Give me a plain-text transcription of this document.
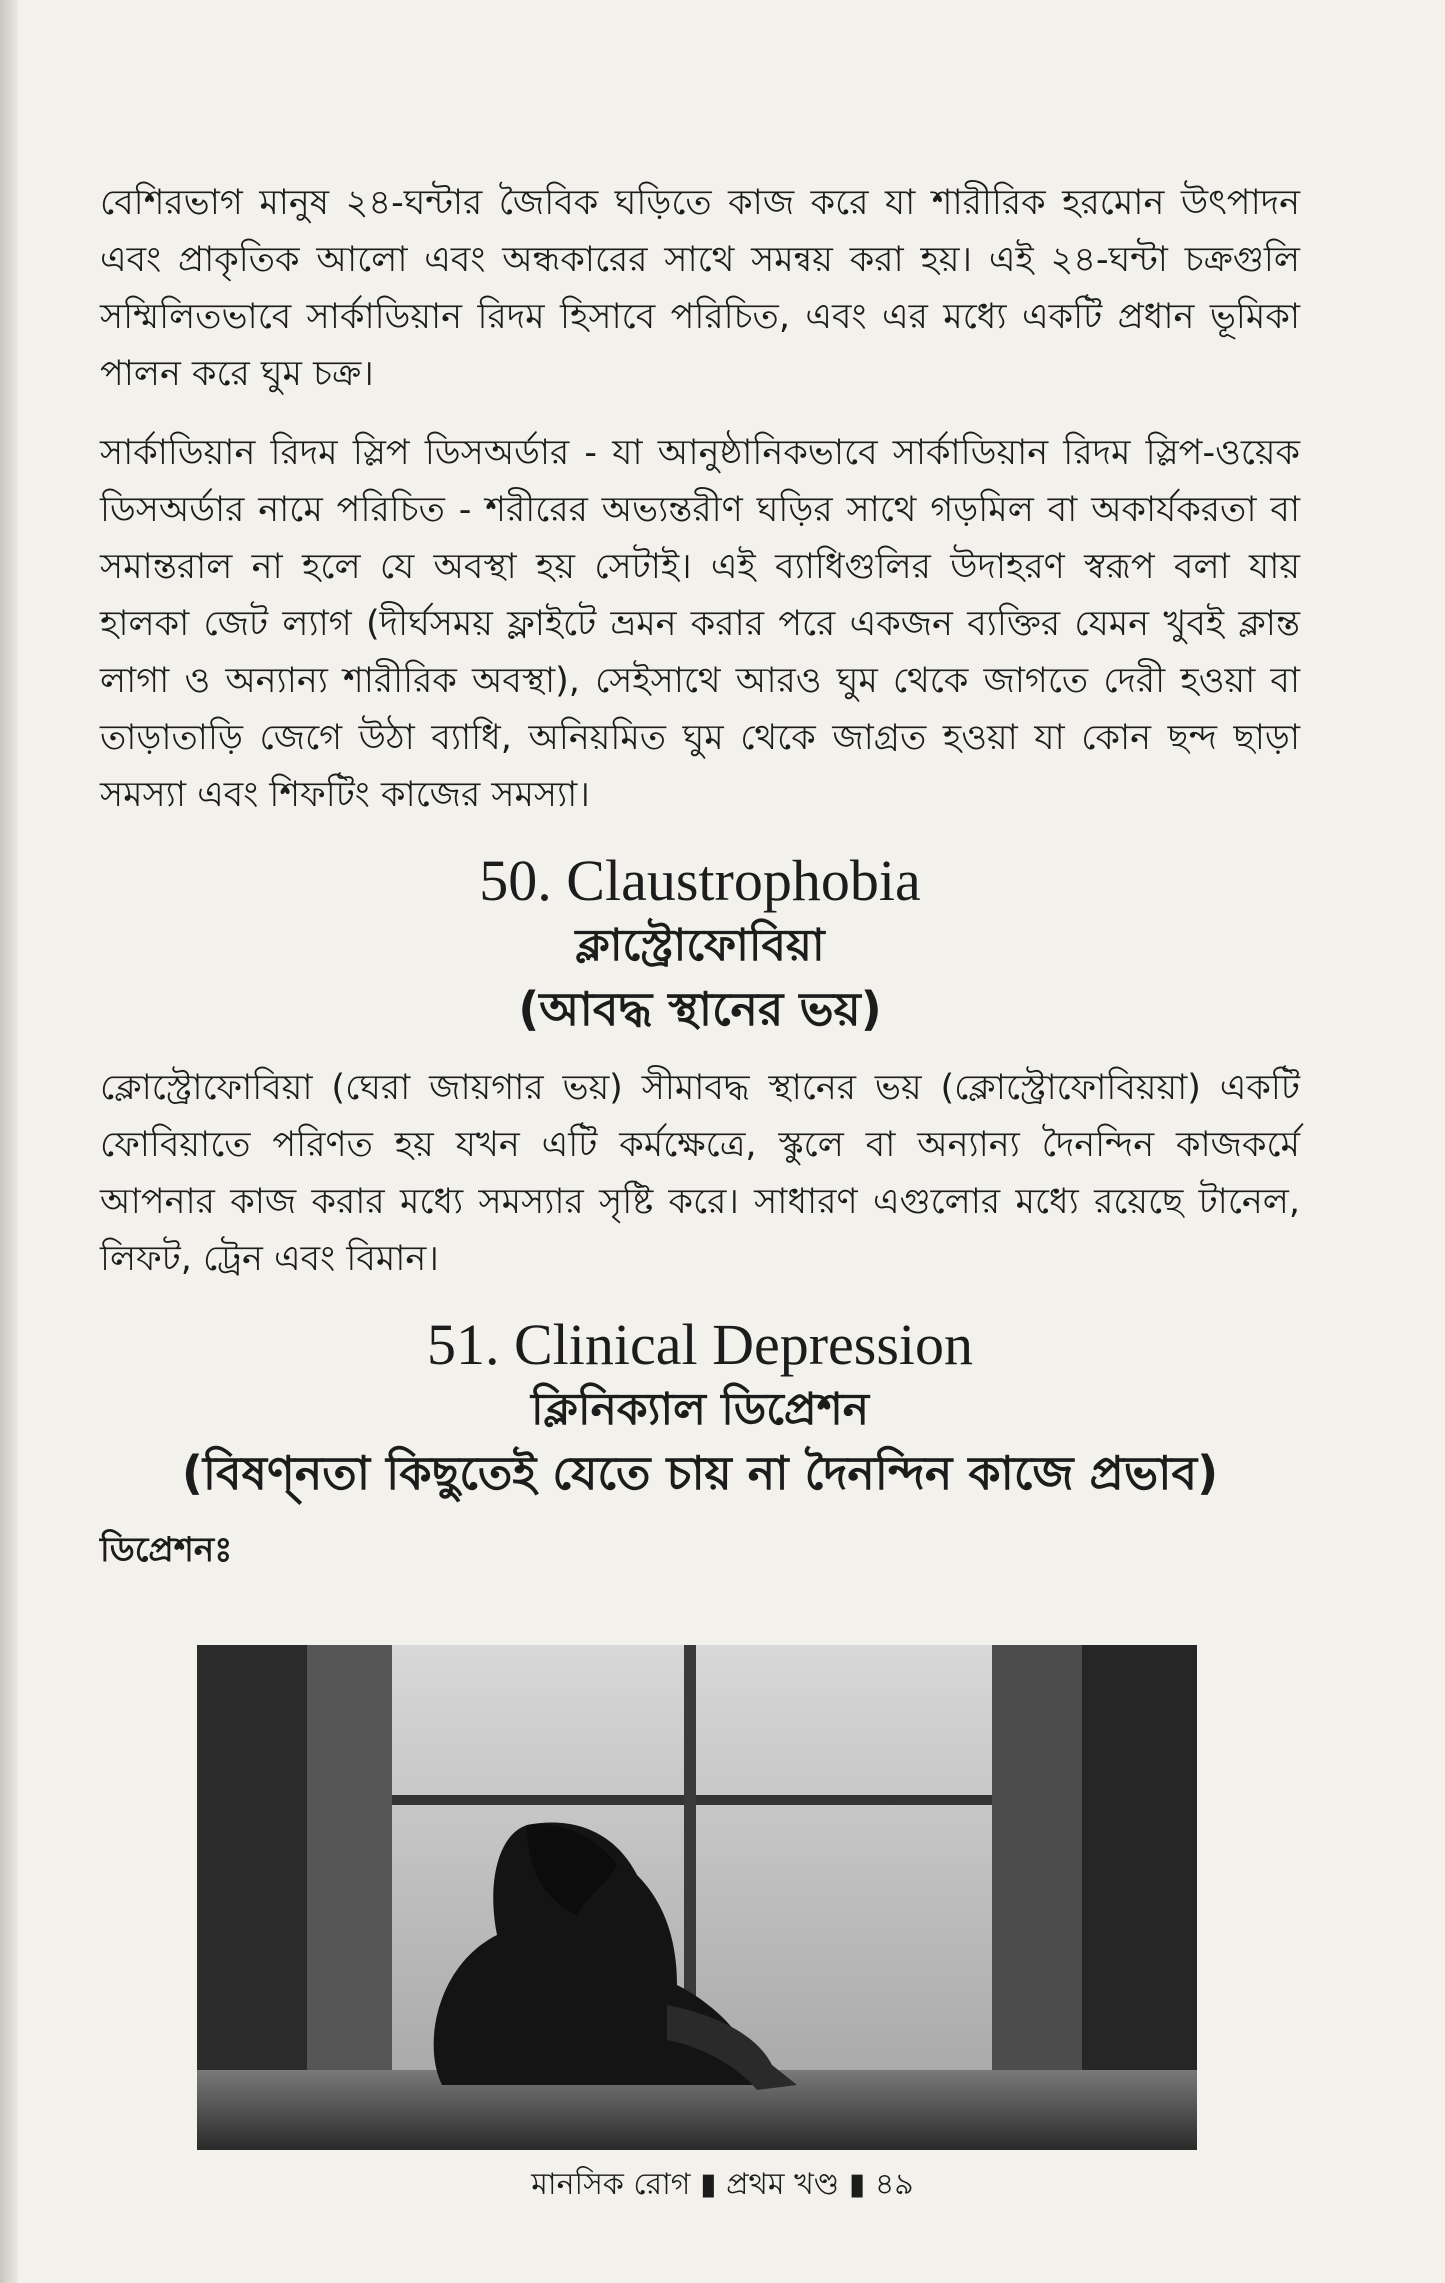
বেশিরভাগ মানুষ ২৪-ঘন্টার জৈবিক ঘড়িতে কাজ করে যা শারীরিক হরমোন উৎপাদন এবং প্রাকৃতিক আলো এবং অন্ধকারের সাথে সমন্বয় করা হয়। এই ২৪-ঘন্টা চক্রগুলি সম্মিলিতভাবে সার্কাডিয়ান রিদম হিসাবে পরিচিত, এবং এর মধ্যে একটি প্রধান ভূমিকা পালন করে ঘুম চক্র।

সার্কাডিয়ান রিদম স্লিপ ডিসঅর্ডার - যা আনুষ্ঠানিকভাবে সার্কাডিয়ান রিদম স্লিপ-ওয়েক ডিসঅর্ডার নামে পরিচিত - শরীরের অভ্যন্তরীণ ঘড়ির সাথে গড়মিল বা অকার্যকরতা বা সমান্তরাল না হলে যে অবস্থা হয় সেটাই। এই ব্যাধিগুলির উদাহরণ স্বরূপ বলা যায় হালকা জেট ল্যাগ (দীর্ঘসময় ফ্লাইটে ভ্রমন করার পরে একজন ব্যক্তির যেমন খুবই ক্লান্ত লাগা ও অন্যান্য শারীরিক অবস্থা), সেইসাথে আরও ঘুম থেকে জাগতে দেরী হওয়া বা তাড়াতাড়ি জেগে উঠা ব্যাধি, অনিয়মিত ঘুম থেকে জাগ্রত হওয়া যা কোন ছন্দ ছাড়া সমস্যা এবং শিফটিং কাজের সমস্যা।

50. Claustrophobia
ক্লাস্ট্রোফোবিয়া
(আবদ্ধ স্থানের ভয়)

ক্লোস্ট্রোফোবিয়া (ঘেরা জায়গার ভয়) সীমাবদ্ধ স্থানের ভয় (ক্লোস্ট্রোফোবিয়য়া) একটি ফোবিয়াতে পরিণত হয় যখন এটি কর্মক্ষেত্রে, স্কুলে বা অন্যান্য দৈনন্দিন কাজকর্মে আপনার কাজ করার মধ্যে সমস্যার সৃষ্টি করে। সাধারণ এগুলোর মধ্যে রয়েছে টানেল, লিফট, ট্রেন এবং বিমান।

51. Clinical Depression
ক্লিনিক্যাল ডিপ্রেশন
(বিষণ্নতা কিছুতেই যেতে চায় না দৈনন্দিন কাজে প্রভাব)
ডিপ্রেশনঃ
মানসিক রোগ ▮ প্রথম খণ্ড ▮ ৪৯
